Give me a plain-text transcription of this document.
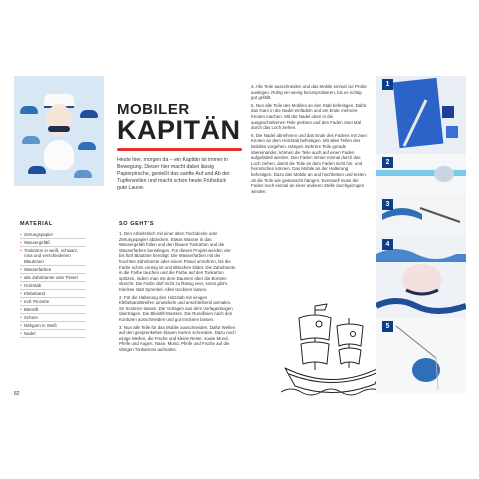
MOBILER
KAPITÄN
Heute hier, morgen da – ein Kapitän ist immer in Bewegung. Dieser hier macht dabei lässig Papierpirsche, genießt das sanfte Auf und Ab der Tupferwellen und macht schon heute Frühstück gute Laune.
MATERIAL
• Zeitungspapier
• Wassergefäß
• Tonkarton in weiß, schwarz, rosa und verschiedenen Blautönen
• Wasserfarben
• alte Zahnbürste oder Pinsel
• Holzstab
• Klebeband
• evtl. Pinzette
• Bleistift
• Schere
• Nähgarn in Weiß
• Nadel
SO GEHT'S

1. Den Arbeitstisch mit einer alten Tischdecke oder Zeitungspapier abdecken. Etwas Wasser in das Wassergefäß füllen und den blauen Tonkarton und die Wasserfarben bereitlegen. Für dieses Projekt werden vier bis fünf Blautöne benötigt. Die Wasserfarben mit der feuchten Zahnbürste oder einem Pinsel umrühren, bis die Farbe schön cremig ist und Bläschen bildet. Die Zahnbürste in die Farbe tauchen und die Farbe auf den Tonkarton spritzen, indem man mit dem Daumen über die Borsten streicht. Die Farbe darf nicht zu flüssig sein, sonst gibt's Kleckse statt Sprenkel. Alles trocknen lassen.

2. Für die Halterung den Holzstab mit einigen Klebebandstreifen umwickeln und anschließend anmalen. Se trocknen lassen. Die Vorlagen aus dem Vorlagenbogen übertragen. Die Bleistift-Mustere. Die Rundlinien nach den Konturen ausschneiden und gut trocknen lassen.

3. Nun alle Teile für das Mobile ausschneiden. Dafür Wellen auf den gesprenkelten blauen Karton schneiden. Dazu noch einige Wellen, die Fische und kleine Reste, sowie Mund, Pfeife und Augen, Nase, Mund, Pfeife und Fische auf die übrigen Tonkartons aufmalen.

4. Alle Teile ausschneiden und das Mobile einmal zur Probe auslegen. Ruhig ein wenig herumprobieren, bis es richtig gut gefällt.

5. Nun alle Teile des Mobiles an den Stab befestigen. Dafür das Garn in die Nadel einfädeln und am Ende mehrere Knoten machen. Mit der Nadel oben in die ausgeschnittenen Teile pieksen und den Faden zwei Mal durch das Loch ziehen.

6. Die Nadel abnehmen und das Ende des Fadens mit zwei Knoten an dem Holzstab befestigen. Mit allen Teilen des Mobiles vorgehen. Hängen mehrere Teile gerade übereinander, können die Teile auch auf einen Faden aufgefädelt werden. Den Faden immer einmal durch das Loch ziehen, damit die Teile an dem Faden nicht hin- und herrutschen können. Das Mobile an der Halterung befestigen. Dazu das Mobile an und hochheben und testen, ob die Teile wie gewünscht hängen. Eventuell muss der Faden noch einmal an einer anderen Stelle durchgezogen werden.

82
1
2
3
4
5
